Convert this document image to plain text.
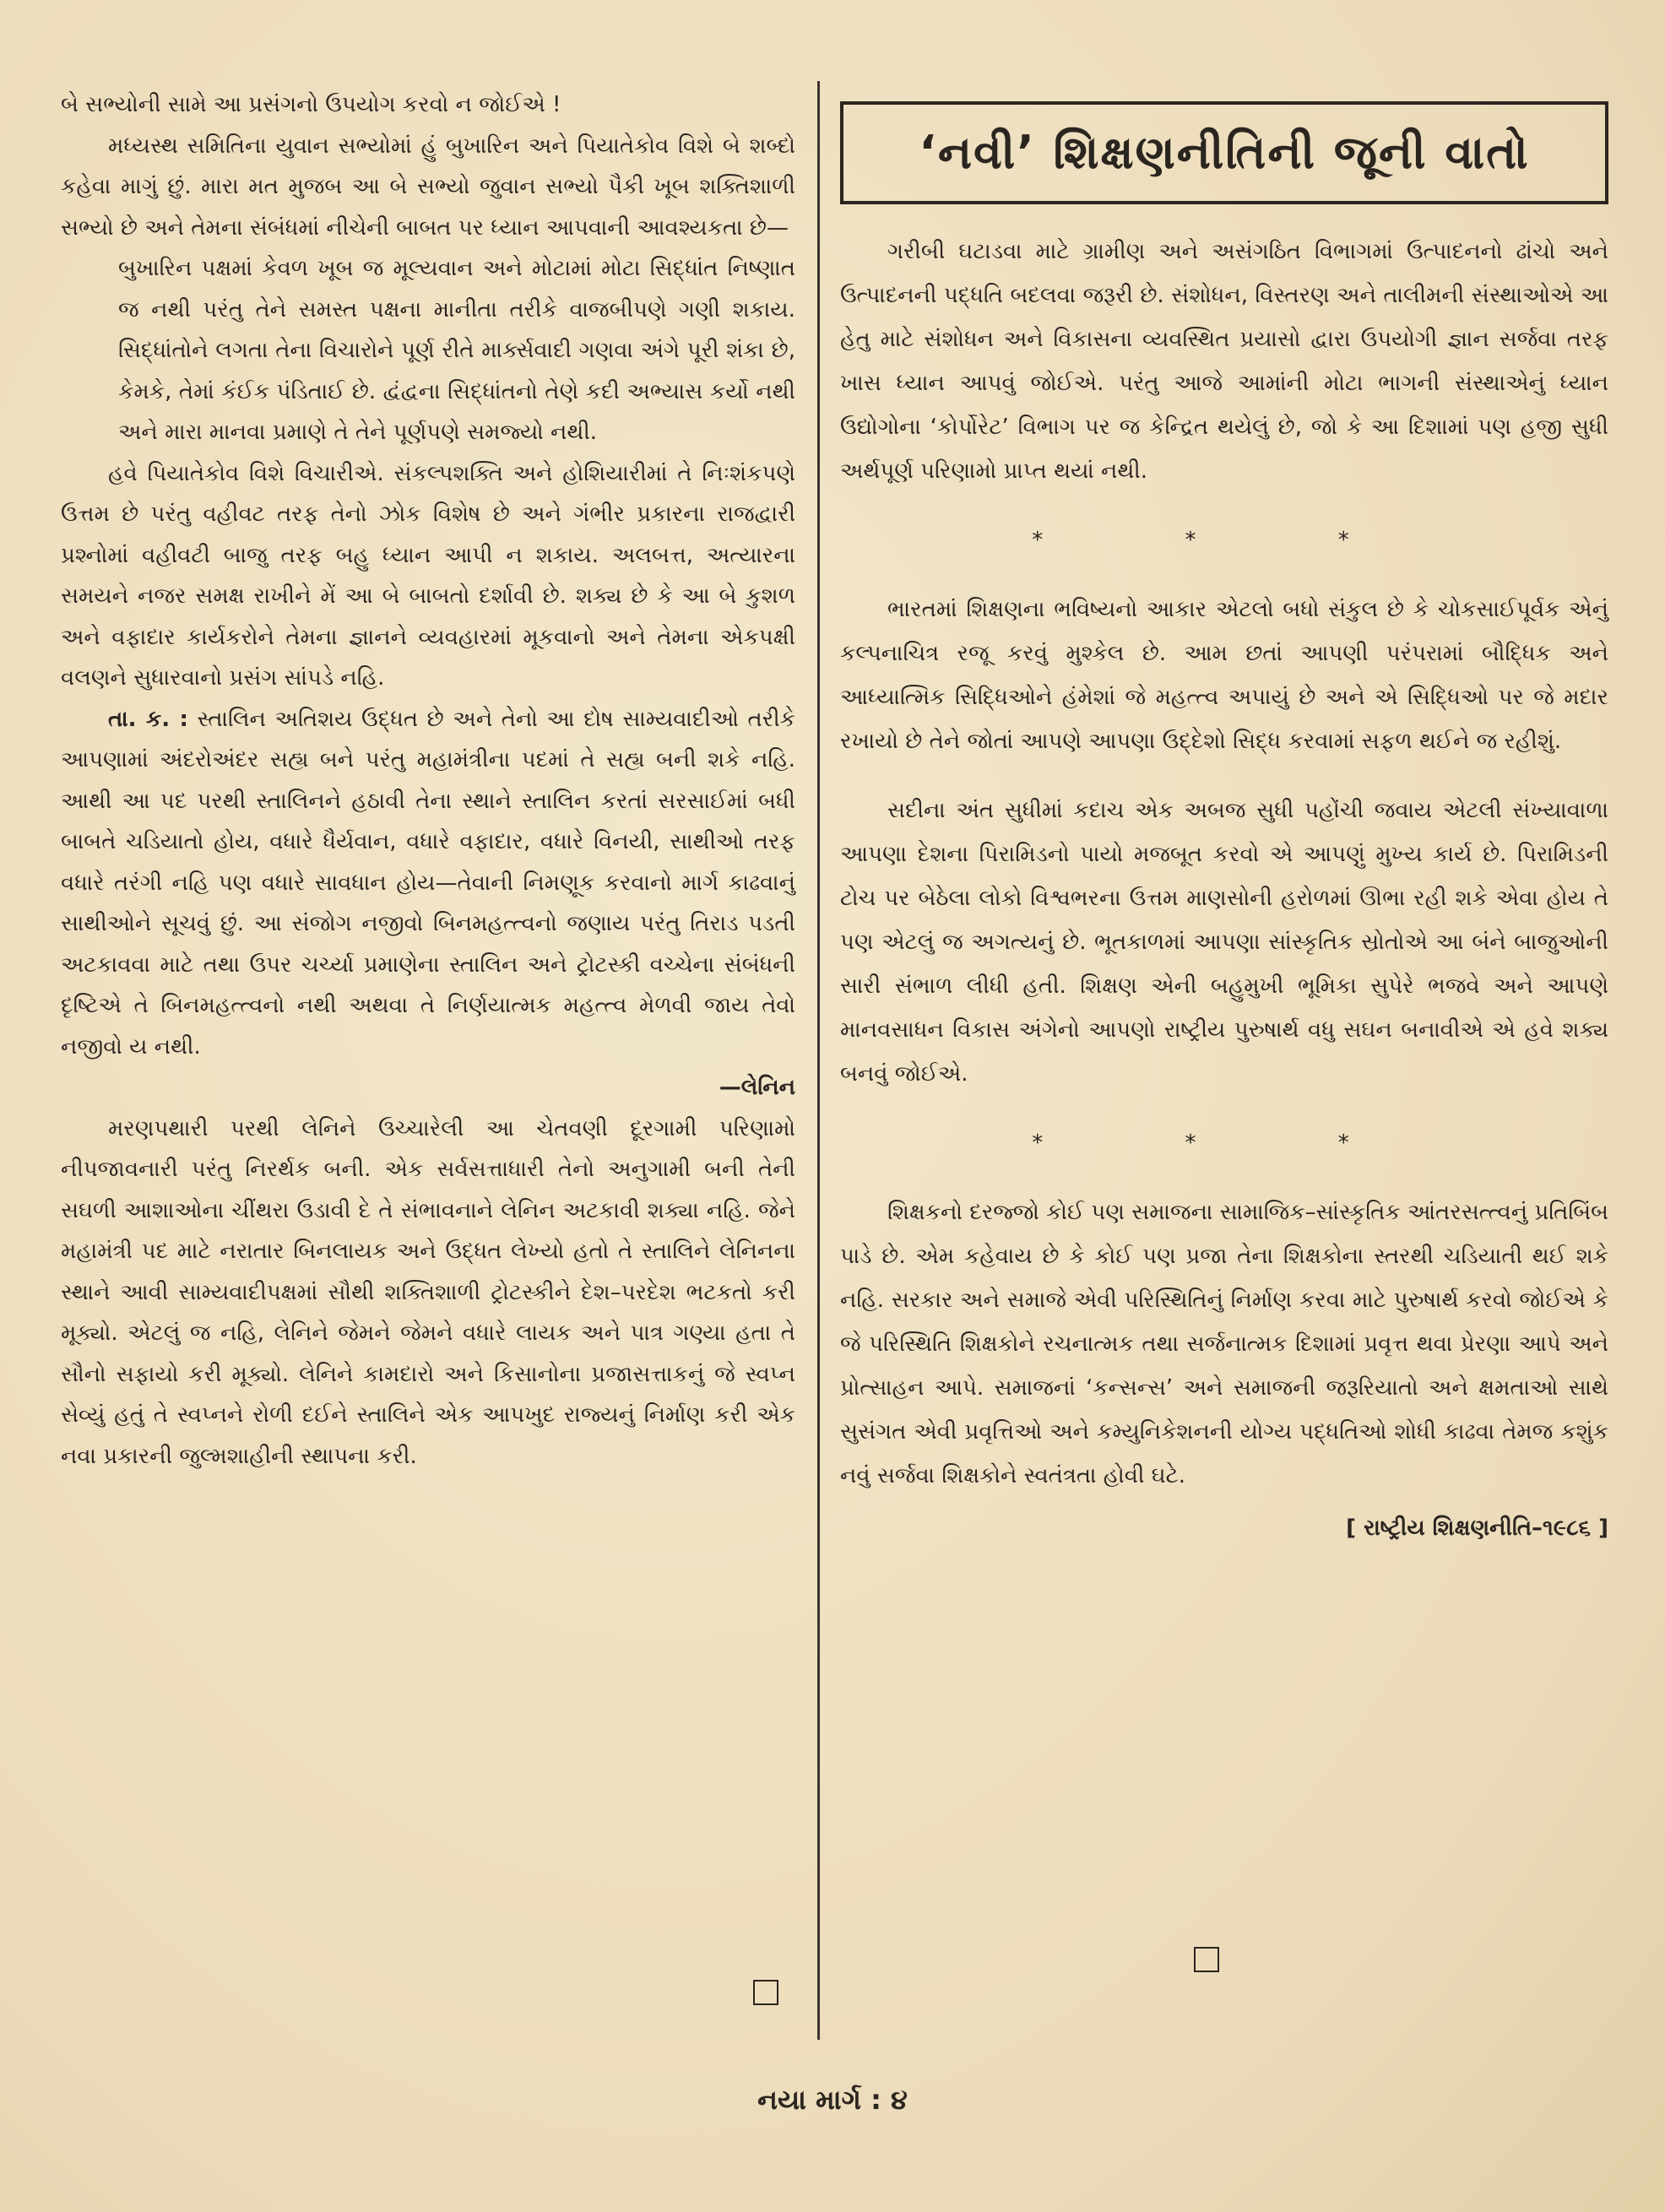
બે સભ્યોની સામે આ પ્રસંગનો ઉપયોગ કરવો ન જોઈએ !

મધ્યસ્થ સમિતિના યુવાન સભ્યોમાં હું બુખારિન અને પિયાતેકોવ વિશે બે શબ્દો કહેવા માગું છું. મારા મત મુજબ આ બે સભ્યો જુવાન સભ્યો પૈકી ખૂબ શક્તિશાળી સભ્યો છે અને તેમના સંબંધમાં નીચેની બાબત પર ધ્યાન આપવાની આવશ્યકતા છે—

બુખારિન પક્ષમાં કેવળ ખૂબ જ મૂલ્યવાન અને મોટામાં મોટા સિદ્ધાંત નિષ્ણાત જ નથી પરંતુ તેને સમસ્ત પક્ષના માનીતા તરીકે વાજબીપણે ગણી શકાય. સિદ્ધાંતોને લગતા તેના વિચારોને પૂર્ણ રીતે માર્ક્સવાદી ગણવા અંગે પૂરી શંકા છે, કેમકે, તેમાં કંઈક પંડિતાઈ છે. દ્વંદ્વના સિદ્ધાંતનો તેણે કદી અભ્યાસ કર્યો નથી અને મારા માનવા પ્રમાણે તે તેને પૂર્ણપણે સમજ્યો નથી.

હવે પિયાતેકોવ વિશે વિચારીએ. સંકલ્પશક્તિ અને હોશિયારીમાં તે નિઃશંકપણે ઉત્તમ છે પરંતુ વહીવટ તરફ તેનો ઝોક વિશેષ છે અને ગંભીર પ્રકારના રાજદ્વારી પ્રશ્નોમાં વહીવટી બાજુ તરફ બહુ ધ્યાન આપી ન શકાય. અલબત્ત, અત્યારના સમયને નજર સમક્ષ રાખીને મેં આ બે બાબતો દર્શાવી છે. શક્ય છે કે આ બે કુશળ અને વફાદાર કાર્યકરોને તેમના જ્ઞાનને વ્યવહારમાં મૂકવાનો અને તેમના એકપક્ષી વલણને સુધારવાનો પ્રસંગ સાંપડે નહિ.

તા. ક. : સ્તાલિન અતિશય ઉદ્ધત છે અને તેનો આ દોષ સામ્યવાદીઓ તરીકે આપણામાં અંદરોઅંદર સહ્ય બને પરંતુ મહામંત્રીના પદમાં તે સહ્ય બની શકે નહિ. આથી આ પદ પરથી સ્તાલિનને હઠાવી તેના સ્થાને સ્તાલિન કરતાં સરસાઈમાં બધી બાબતે ચડિયાતો હોય, વધારે ધૈર્યવાન, વધારે વફાદાર, વધારે વિનયી, સાથીઓ તરફ વધારે તરંગી નહિ પણ વધારે સાવધાન હોય—તેવાની નિમણૂક કરવાનો માર્ગ કાઢવાનું સાથીઓને સૂચવું છું. આ સંજોગ નજીવો બિનમહત્ત્વનો જણાય પરંતુ તિરાડ પડતી અટકાવવા માટે તથા ઉપર ચર્ચ્યા પ્રમાણેના સ્તાલિન અને ટ્રોટસ્કી વચ્ચેના સંબંધની દૃષ્ટિએ તે બિનમહત્ત્વનો નથી અથવા તે નિર્ણયાત્મક મહત્ત્વ મેળવી જાય તેવો નજીવો ય નથી.

—લેનિન

મરણપથારી પરથી લેનિને ઉચ્ચારેલી આ ચેતવણી દૂરગામી પરિણામો નીપજાવનારી પરંતુ નિરર્થક બની. એક સર્વસત્તાધારી તેનો અનુગામી બની તેની સઘળી આશાઓના ચીંથરા ઉડાવી દે તે સંભાવનાને લેનિન અટકાવી શક્યા નહિ. જેને મહામંત્રી પદ માટે નરાતાર બિનલાયક અને ઉદ્ધત લેખ્યો હતો તે સ્તાલિને લેનિનના સ્થાને આવી સામ્યવાદીપક્ષમાં સૌથી શક્તિશાળી ટ્રોટસ્કીને દેશ–પરદેશ ભટકતો કરી મૂક્યો. એટલું જ નહિ, લેનિને જેમને જેમને વધારે લાયક અને પાત્ર ગણ્યા હતા તે સૌનો સફાયો કરી મૂક્યો. લેનિને કામદારો અને કિસાનોના પ્રજાસત્તાકનું જે સ્વપ્ન સેવ્યું હતું તે સ્વપ્નને રોળી દઈને સ્તાલિને એક આપખુદ રાજ્યનું નિર્માણ કરી એક નવા પ્રકારની જુલ્મશાહીની સ્થાપના કરી.

‘નવી’ શિક્ષણનીતિની જૂની વાતો

ગરીબી ઘટાડવા માટે ગ્રામીણ અને અસંગઠિત વિભાગમાં ઉત્પાદનનો ઢાંચો અને ઉત્પાદનની પદ્ધતિ બદલવા જરૂરી છે. સંશોધન, વિસ્તરણ અને તાલીમની સંસ્થાઓએ આ હેતુ માટે સંશોધન અને વિકાસના વ્યવસ્થિત પ્રયાસો દ્વારા ઉપયોગી જ્ઞાન સર્જવા તરફ ખાસ ધ્યાન આપવું જોઈએ. પરંતુ આજે આમાંની મોટા ભાગની સંસ્થાએનું ધ્યાન ઉદ્યોગોના ‘કોર્પોરેટ’ વિભાગ પર જ કેન્દ્રિત થયેલું છે, જો કે આ દિશામાં પણ હજી સુધી અર્થપૂર્ણ પરિણામો પ્રાપ્ત થયાં નથી.

* * *

ભારતમાં શિક્ષણના ભવિષ્યનો આકાર એટલો બધો સંકુલ છે કે ચોકસાઈપૂર્વક એનું કલ્પનાચિત્ર રજૂ કરવું મુશ્કેલ છે. આમ છતાં આપણી પરંપરામાં બૌદ્ધિક અને આધ્યાત્મિક સિદ્ધિઓને હંમેશાં જે મહત્ત્વ અપાયું છે અને એ સિદ્ધિઓ પર જે મદાર રખાયો છે તેને જોતાં આપણે આપણા ઉદ્દેશો સિદ્ધ કરવામાં સફળ થઈને જ રહીશું.

સદીના અંત સુધીમાં કદાચ એક અબજ સુધી પહોંચી જવાય એટલી સંખ્યાવાળા આપણા દેશના પિરામિડનો પાયો મજબૂત કરવો એ આપણું મુખ્ય કાર્ય છે. પિરામિડની ટોચ પર બેઠેલા લોકો વિશ્વભરના ઉત્તમ માણસોની હરોળમાં ઊભા રહી શકે એવા હોય તે પણ એટલું જ અગત્યનું છે. ભૂતકાળમાં આપણા સાંસ્કૃતિક સ્રોતોએ આ બંને બાજુઓની સારી સંભાળ લીધી હતી. શિક્ષણ એની બહુમુખી ભૂમિકા સુપેરે ભજવે અને આપણે માનવસાધન વિકાસ અંગેનો આપણો રાષ્ટ્રીય પુરુષાર્થ વધુ સઘન બનાવીએ એ હવે શક્ય બનવું જોઈએ.

* * *

શિક્ષકનો દરજ્જો કોઈ પણ સમાજના સામાજિક–સાંસ્કૃતિક આંતરસત્ત્વનું પ્રતિબિંબ પાડે છે. એમ કહેવાય છે કે કોઈ પણ પ્રજા તેના શિક્ષકોના સ્તરથી ચડિયાતી થઈ શકે નહિ. સરકાર અને સમાજે એવી પરિસ્થિતિનું નિર્માણ કરવા માટે પુરુષાર્થ કરવો જોઈએ કે જે પરિસ્થિતિ શિક્ષકોને રચનાત્મક તથા સર્જનાત્મક દિશામાં પ્રવૃત્ત થવા પ્રેરણા આપે અને પ્રોત્સાહન આપે. સમાજનાં ‘કન્સન્સ’ અને સમાજની જરૂરિયાતો અને ક્ષમતાઓ સાથે સુસંગત એવી પ્રવૃત્તિઓ અને કમ્યુનિકેશનની યોગ્ય પદ્ધતિઓ શોધી કાઢવા તેમજ કશુંક નવું સર્જવા શિક્ષકોને સ્વતંત્રતા હોવી ઘટે.

[ રાષ્ટ્રીય શિક્ષણનીતિ–૧૯૮૬ ]
નયા માર્ગ : ૪
